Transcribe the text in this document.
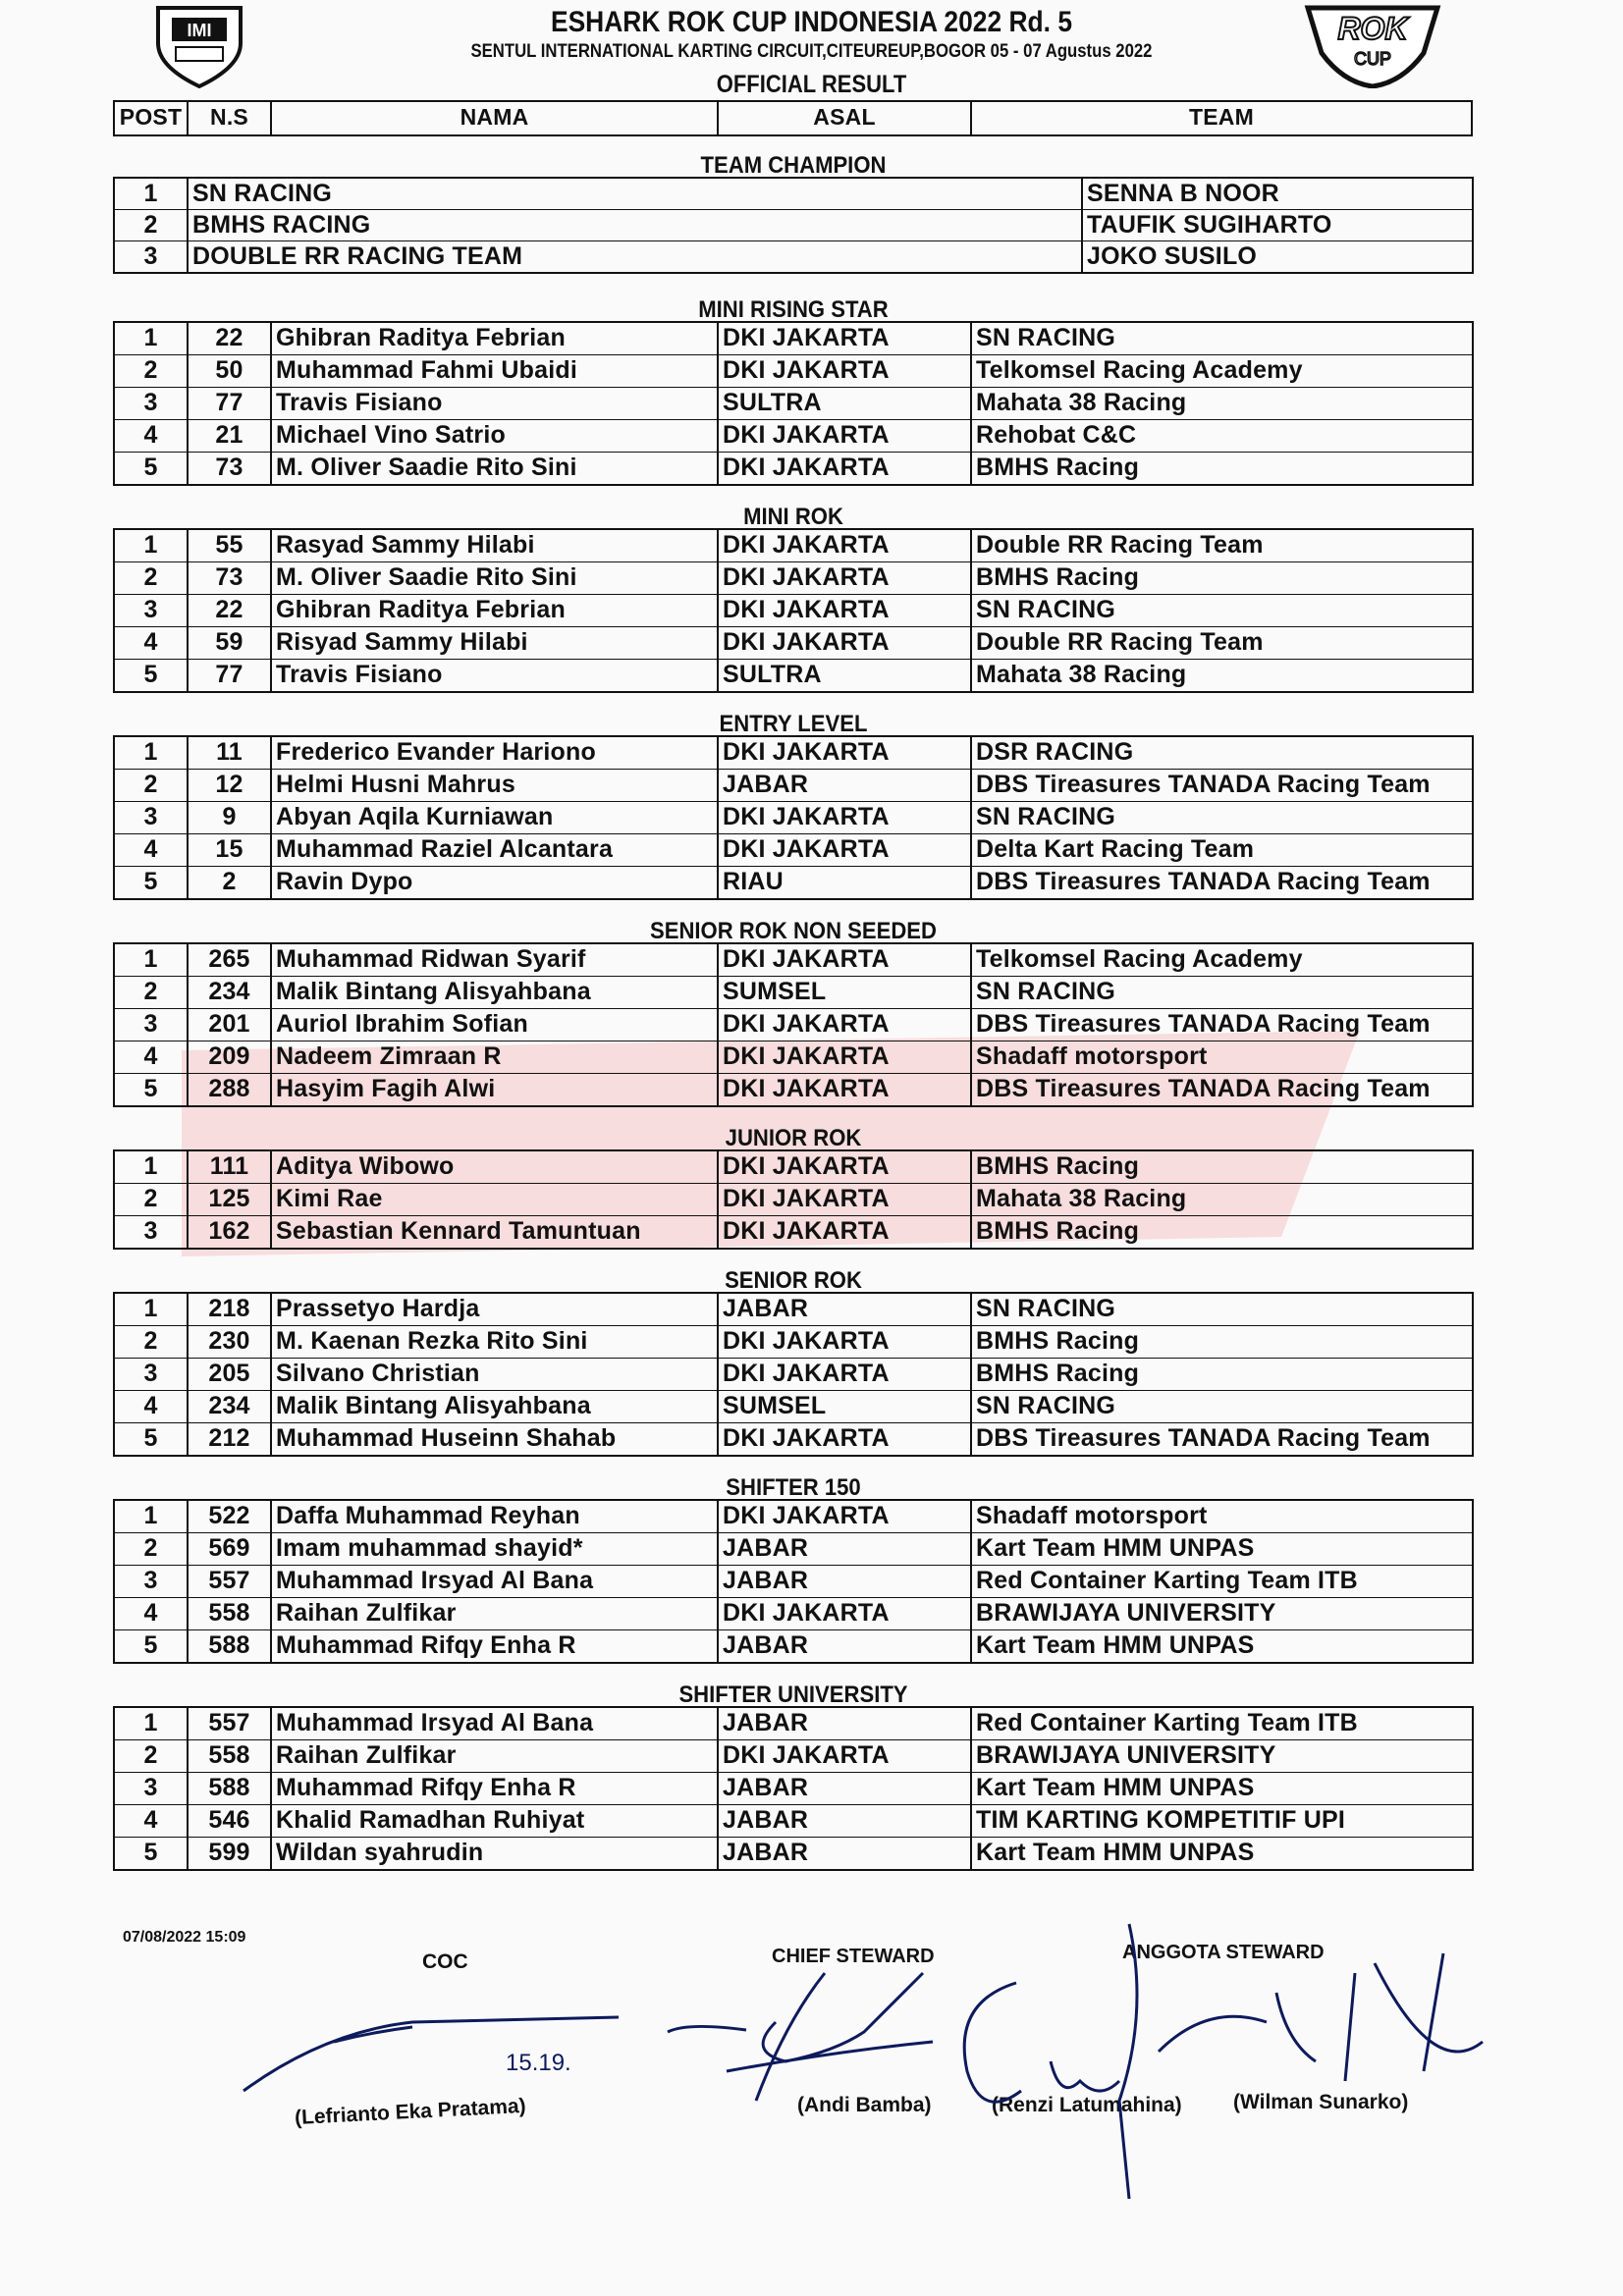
IMI	ROK
CUP
ESHARK ROK CUP INDONESIA 2022 Rd. 5
SENTUL INTERNATIONAL KARTING CIRCUIT,CITEUREUP,BOGOR 05 - 07 Agustus 2022
OFFICIAL RESULT
POST	N.S	NAMA	ASAL	TEAM
TEAM CHAMPION
1	SN RACING	SENNA B NOOR
2	BMHS RACING	TAUFIK SUGIHARTO
3	DOUBLE RR RACING TEAM	JOKO SUSILO
MINI RISING STAR
1	22	Ghibran Raditya Febrian	DKI JAKARTA	SN RACING
2	50	Muhammad Fahmi Ubaidi	DKI JAKARTA	Telkomsel Racing Academy
3	77	Travis Fisiano	SULTRA	Mahata 38 Racing
4	21	Michael Vino Satrio	DKI JAKARTA	Rehobat C&C
5	73	M. Oliver Saadie Rito Sini	DKI JAKARTA	BMHS Racing
MINI ROK
1	55	Rasyad Sammy Hilabi	DKI JAKARTA	Double RR Racing Team
2	73	M. Oliver Saadie Rito Sini	DKI JAKARTA	BMHS Racing
3	22	Ghibran Raditya Febrian	DKI JAKARTA	SN RACING
4	59	Risyad Sammy Hilabi	DKI JAKARTA	Double RR Racing Team
5	77	Travis Fisiano	SULTRA	Mahata 38 Racing
ENTRY LEVEL
1	11	Frederico Evander Hariono	DKI JAKARTA	DSR RACING
2	12	Helmi Husni Mahrus	JABAR	DBS Tireasures TANADA Racing Team
3	9	Abyan Aqila Kurniawan	DKI JAKARTA	SN RACING
4	15	Muhammad Raziel Alcantara	DKI JAKARTA	Delta Kart Racing Team
5	2	Ravin Dypo	RIAU	DBS Tireasures TANADA Racing Team
SENIOR ROK NON SEEDED
1	265	Muhammad Ridwan Syarif	DKI JAKARTA	Telkomsel Racing Academy
2	234	Malik Bintang Alisyahbana	SUMSEL	SN RACING
3	201	Auriol Ibrahim Sofian	DKI JAKARTA	DBS Tireasures TANADA Racing Team
4	209	Nadeem Zimraan R	DKI JAKARTA	Shadaff motorsport
5	288	Hasyim Fagih Alwi	DKI JAKARTA	DBS Tireasures TANADA Racing Team
JUNIOR ROK
1	111	Aditya Wibowo	DKI JAKARTA	BMHS Racing
2	125	Kimi Rae	DKI JAKARTA	Mahata 38 Racing
3	162	Sebastian Kennard Tamuntuan	DKI JAKARTA	BMHS Racing
SENIOR ROK
1	218	Prassetyo Hardja	JABAR	SN RACING
2	230	M. Kaenan Rezka Rito Sini	DKI JAKARTA	BMHS Racing
3	205	Silvano Christian	DKI JAKARTA	BMHS Racing
4	234	Malik Bintang Alisyahbana	SUMSEL	SN RACING
5	212	Muhammad Huseinn Shahab	DKI JAKARTA	DBS Tireasures TANADA Racing Team
SHIFTER 150
1	522	Daffa Muhammad Reyhan	DKI JAKARTA	Shadaff motorsport
2	569	Imam muhammad shayid*	JABAR	Kart Team HMM UNPAS
3	557	Muhammad Irsyad Al Bana	JABAR	Red Container Karting Team ITB
4	558	Raihan Zulfikar	DKI JAKARTA	BRAWIJAYA UNIVERSITY
5	588	Muhammad Rifqy Enha R	JABAR	Kart Team HMM UNPAS
SHIFTER UNIVERSITY
1	557	Muhammad Irsyad Al Bana	JABAR	Red Container Karting Team ITB
2	558	Raihan Zulfikar	DKI JAKARTA	BRAWIJAYA UNIVERSITY
3	588	Muhammad Rifqy Enha R	JABAR	Kart Team HMM UNPAS
4	546	Khalid Ramadhan Ruhiyat	JABAR	TIM KARTING KOMPETITIF UPI
5	599	Wildan syahrudin	JABAR	Kart Team HMM UNPAS
07/08/2022 15:09
COC	CHIEF STEWARD	ANGGOTA STEWARD
(Lefrianto Eka Pratama)	(Andi Bamba)	(Renzi Latumahina) (Wilman Sunarko)
15.19.
